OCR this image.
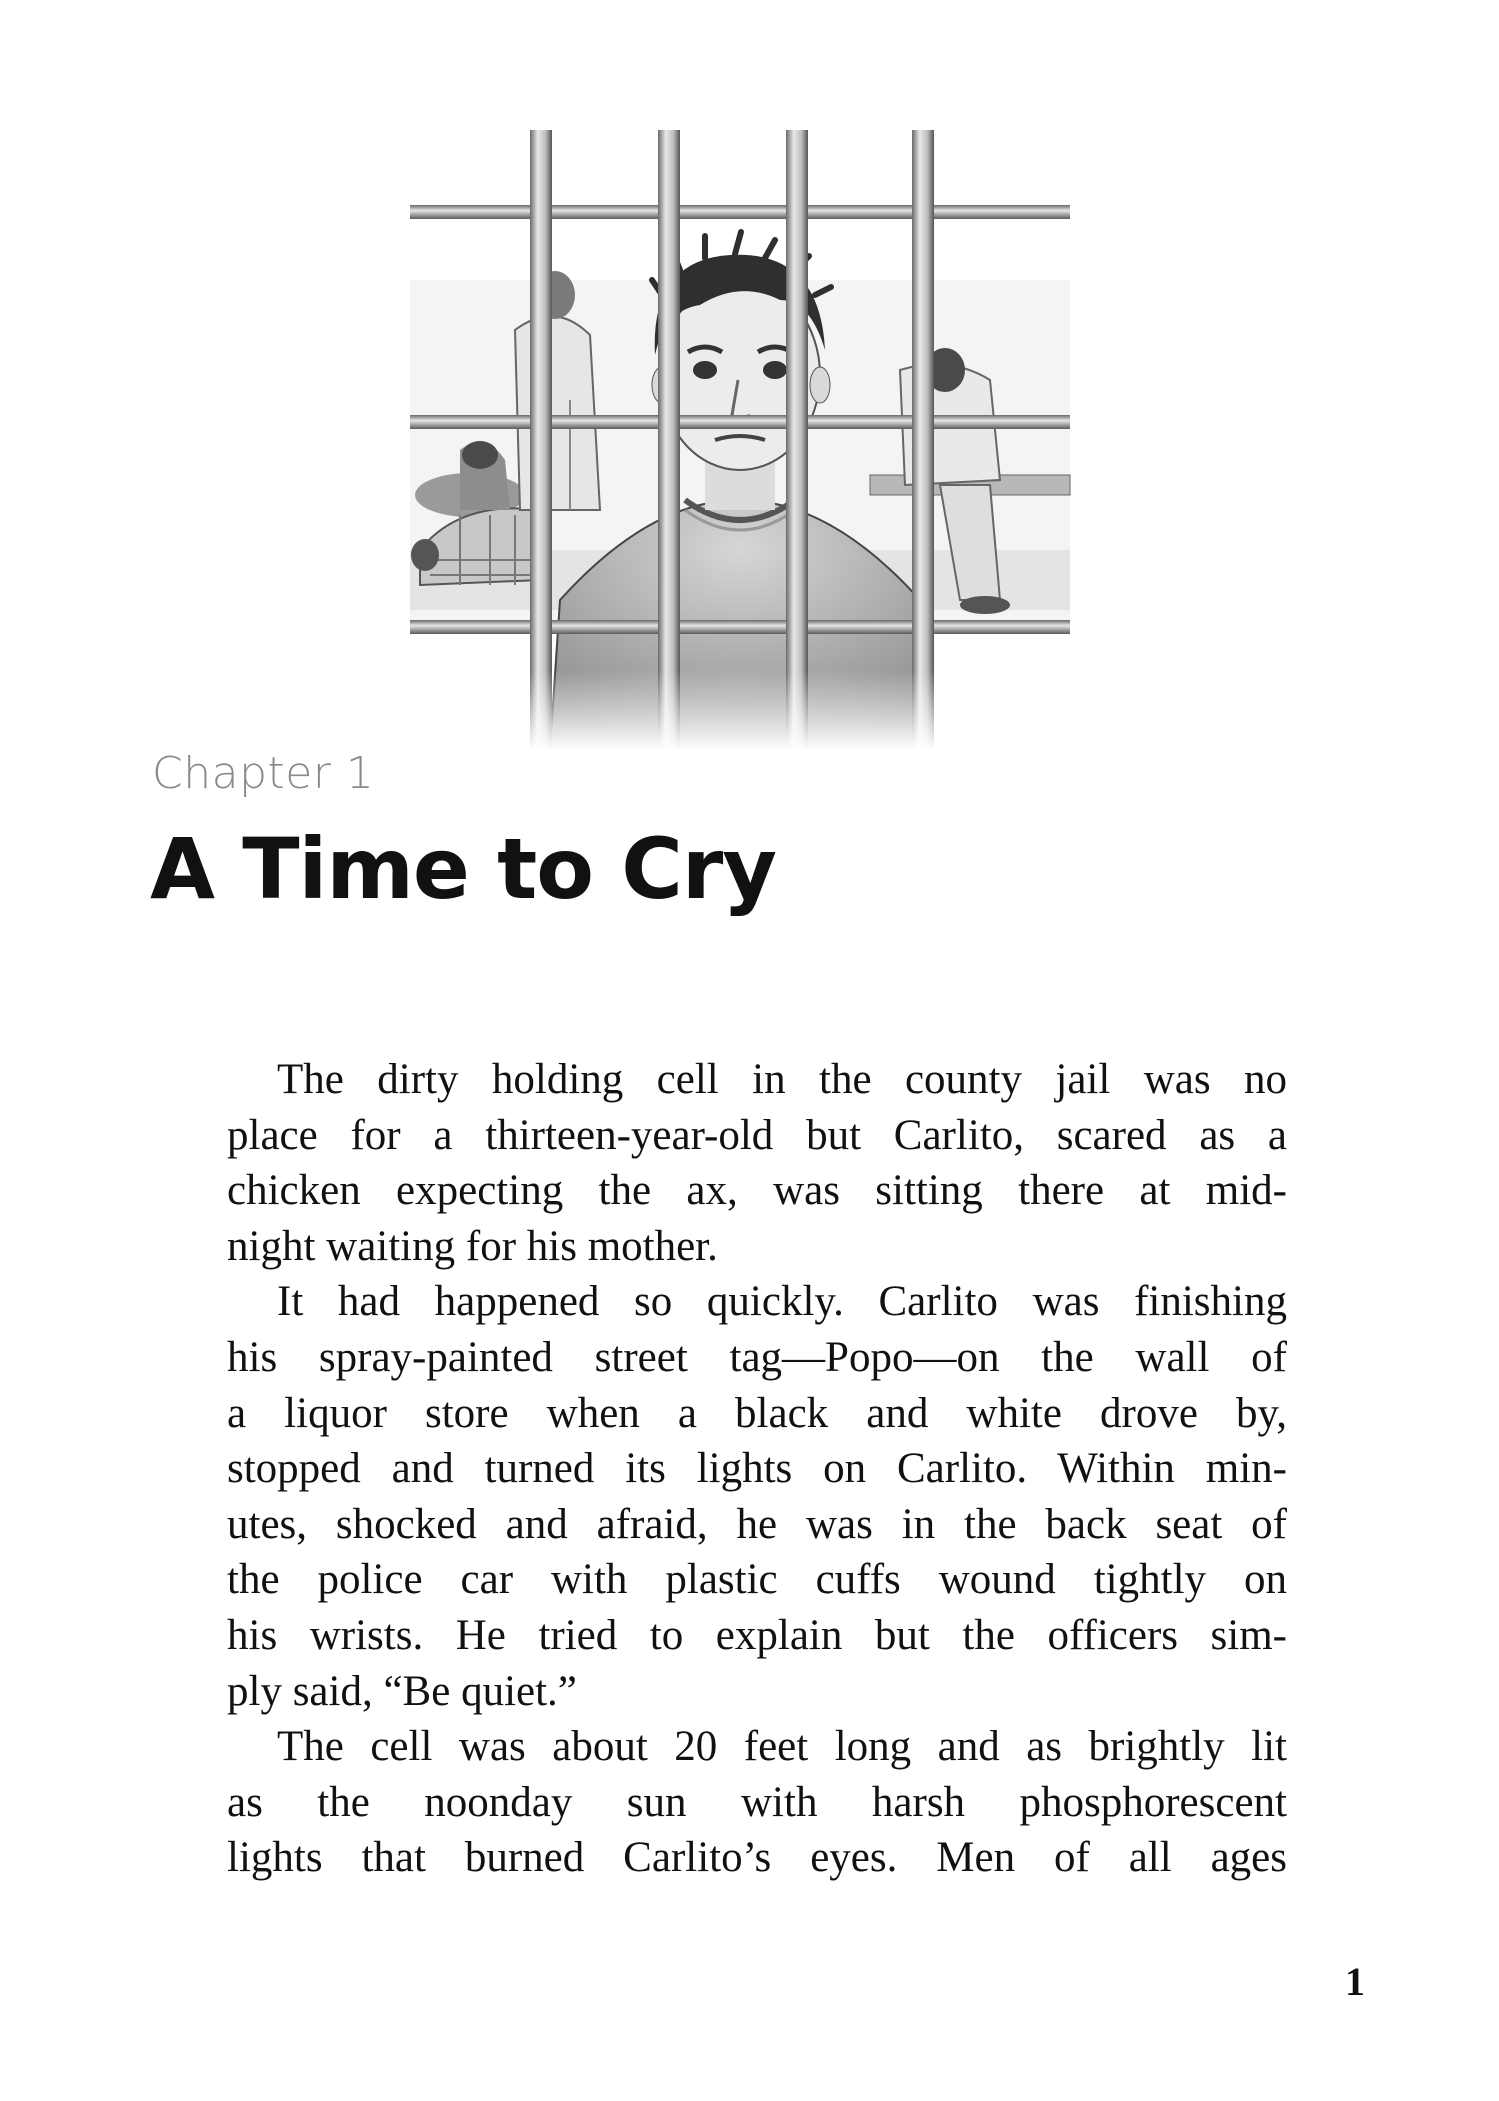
Chapter 1
A Time to Cry
The dirty holding cell in the county jail was no
place for a thirteen-year-old but Carlito, scared as a
chicken expecting the ax, was sitting there at mid-
night waiting for his mother.
It had happened so quickly. Carlito was finishing
his spray-painted street tag—Popo—on the wall of
a liquor store when a black and white drove by,
stopped and turned its lights on Carlito. Within min-
utes, shocked and afraid, he was in the back seat of
the police car with plastic cuffs wound tightly on
his wrists. He tried to explain but the officers sim-
ply said, “Be quiet.”
The cell was about 20 feet long and as brightly lit
as the noonday sun with harsh phosphorescent
lights that burned Carlito’s eyes. Men of all ages
1
